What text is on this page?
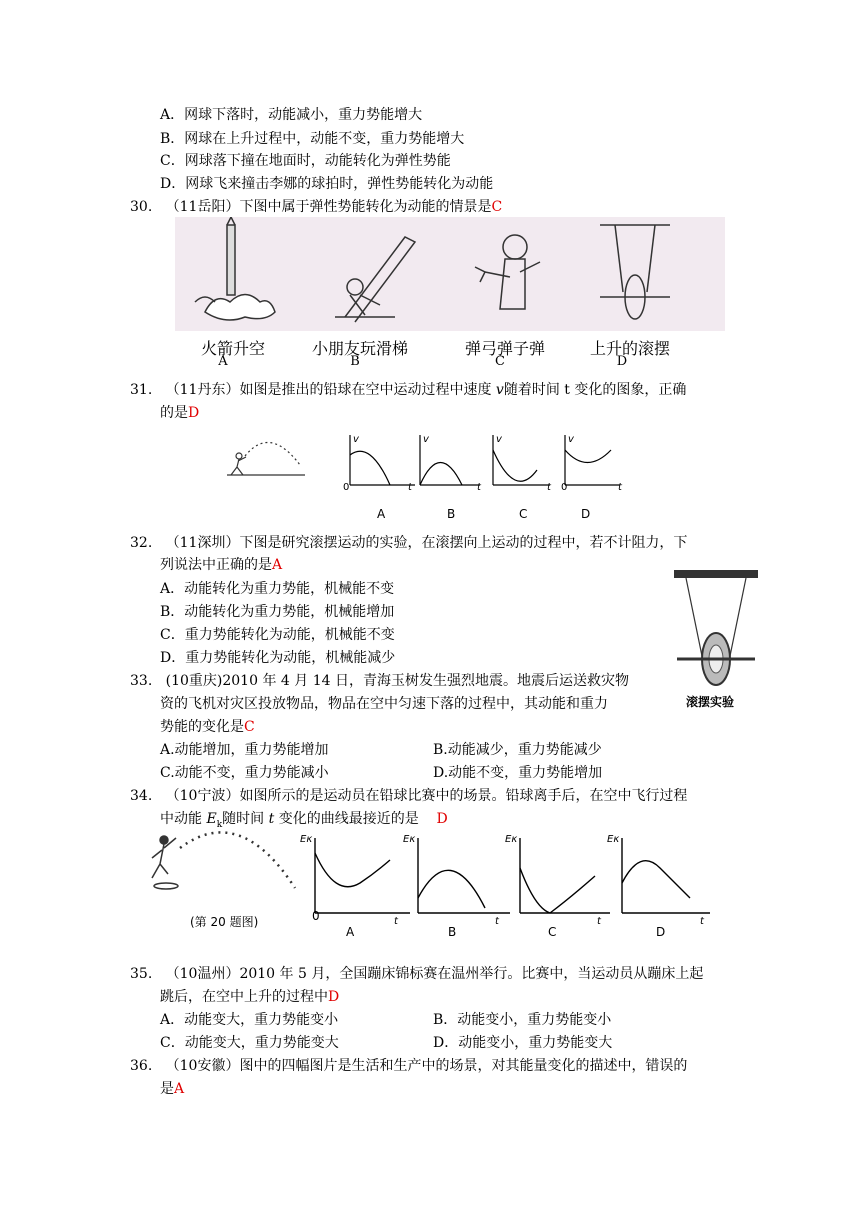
A．网球下落时，动能减小，重力势能增大
B．网球在上升过程中，动能不变，重力势能增大
C．网球落下撞在地面时，动能转化为弹性势能
D．网球飞来撞击李娜的球拍时，弹性势能转化为动能
30. （11岳阳）下图中属于弹性势能转化为动能的情景是C
火箭升空	小朋友玩滑梯	弹弓弹子弹	上升的滚摆
A	B	C	D
31. （11丹东）如图是推出的铅球在空中运动过程中速度 v随着时间 t 变化的图象，正确
的是D
v	v	v	v
t	t	t	t
0	0
A	B	C	D
32. （11深圳）下图是研究滚摆运动的实验，在滚摆向上运动的过程中，若不计阻力，下
列说法中正确的是A
A．动能转化为重力势能，机械能不变
B．动能转化为重力势能，机械能增加
C．重力势能转化为动能，机械能不变
D．重力势能转化为动能，机械能减少
滚摆实验
33. (10重庆)2010 年 4 月 14 日，青海玉树发生强烈地震。地震后运送救灾物
资的飞机对灾区投放物品，物品在空中匀速下落的过程中，其动能和重力
势能的变化是C
A.动能增加，重力势能增加	B.动能减少，重力势能减少
C.动能不变，重力势能减小	D.动能不变，重力势能增加
34. （10宁波）如图所示的是运动员在铅球比赛中的场景。铅球离手后，在空中飞行过程
中动能 $E_k$随时间 t 变化的曲线最接近的是 D
Eκ	Eκ	Eκ	Eκ
t	t	t	t
0
A	B	C	D
(第 20 题图)
35. （10温州）2010 年 5 月，全国蹦床锦标赛在温州举行。比赛中，当运动员从蹦床上起
跳后，在空中上升的过程中D
A．动能变大，重力势能变小	B．动能变小，重力势能变小
C．动能变大，重力势能变大	D．动能变小，重力势能变大
36. （10安徽）图中的四幅图片是生活和生产中的场景，对其能量变化的描述中，错误的
是A
